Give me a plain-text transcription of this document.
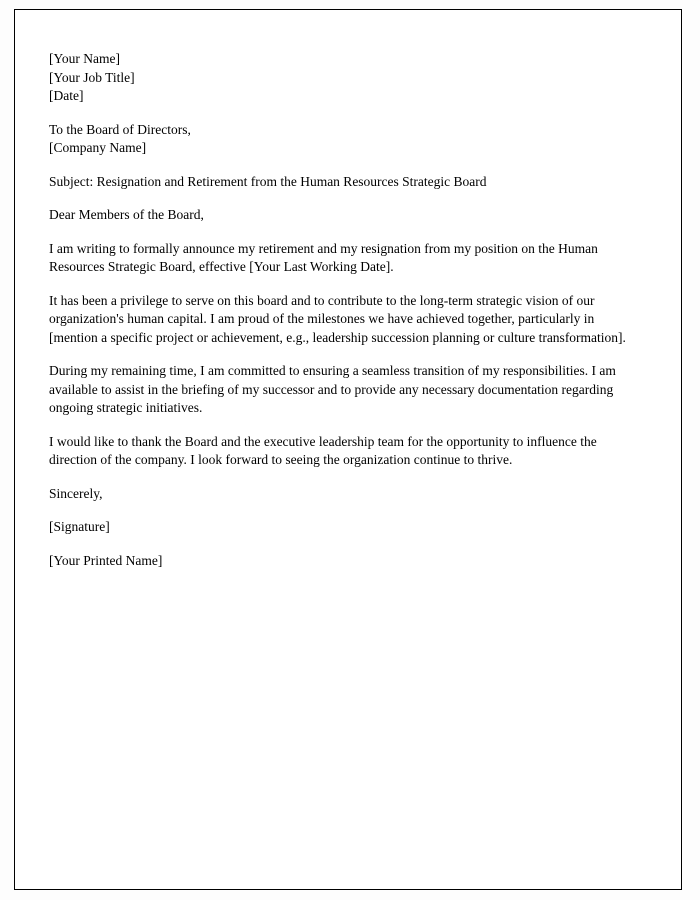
[Your Name]
[Your Job Title]
[Date]
To the Board of Directors,
[Company Name]
Subject: Resignation and Retirement from the Human Resources Strategic Board
Dear Members of the Board,
I am writing to formally announce my retirement and my resignation from my position on the Human Resources Strategic Board, effective [Your Last Working Date].
It has been a privilege to serve on this board and to contribute to the long-term strategic vision of our organization's human capital. I am proud of the milestones we have achieved together, particularly in [mention a specific project or achievement, e.g., leadership succession planning or culture transformation].
During my remaining time, I am committed to ensuring a seamless transition of my responsibilities. I am available to assist in the briefing of my successor and to provide any necessary documentation regarding ongoing strategic initiatives.
I would like to thank the Board and the executive leadership team for the opportunity to influence the direction of the company. I look forward to seeing the organization continue to thrive.
Sincerely,
[Signature]
[Your Printed Name]
